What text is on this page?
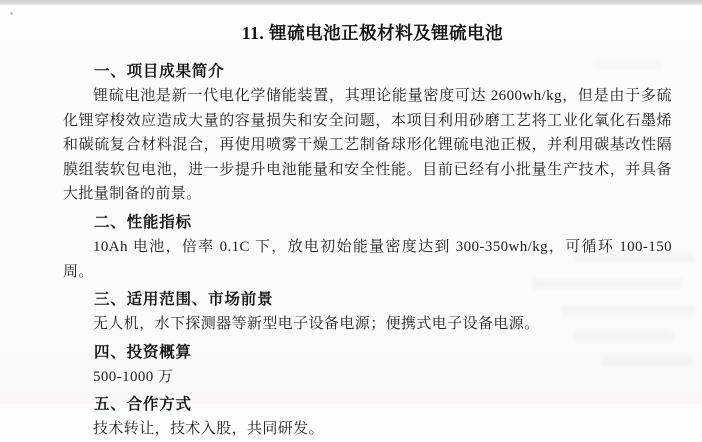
11. 锂硫电池正极材料及锂硫电池

一、项目成果简介

锂硫电池是新一代电化学储能装置，其理论能量密度可达 2600wh/kg，但是由于多硫化锂穿梭效应造成大量的容量损失和安全问题，本项目利用砂磨工艺将工业化氧化石墨烯和碳硫复合材料混合，再使用喷雾干燥工艺制备球形化锂硫电池正极，并利用碳基改性隔膜组装软包电池，进一步提升电池能量和安全性能。目前已经有小批量生产技术，并具备大批量制备的前景。

二、性能指标

10Ah 电池，倍率 0.1C 下，放电初始能量密度达到 300-350wh/kg，可循环 100-150 周。

三、适用范围、市场前景

无人机，水下探测器等新型电子设备电源；便携式电子设备电源。

四、投资概算

500-1000 万

五、合作方式

技术转让，技术入股，共同研发。
